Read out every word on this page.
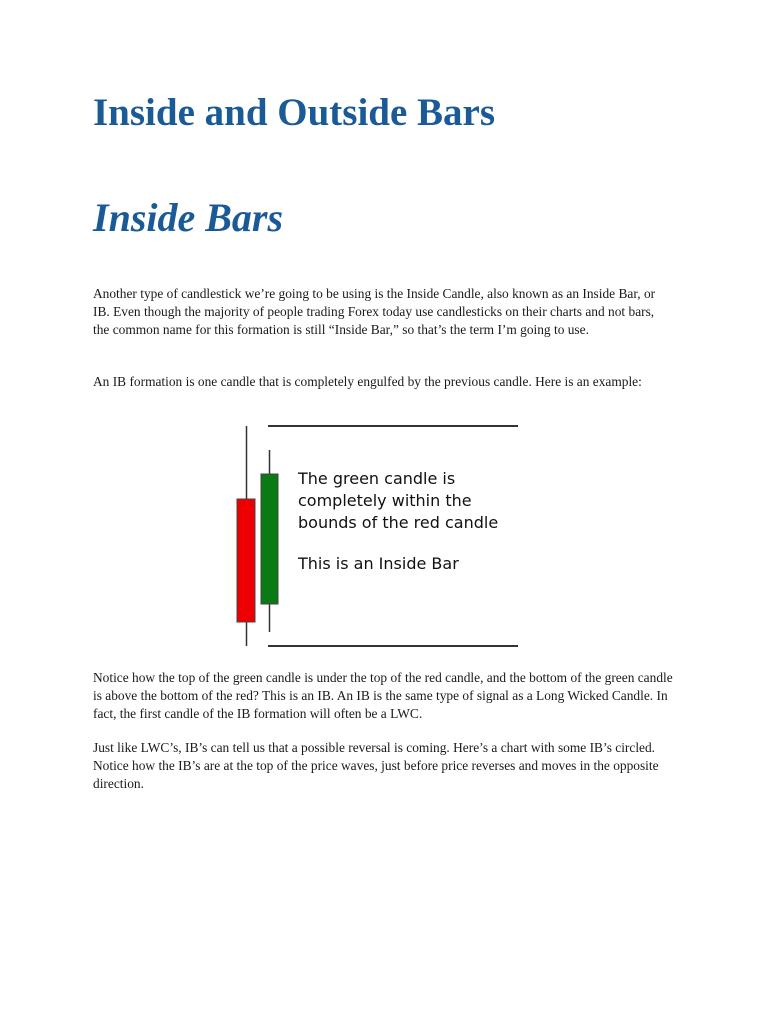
Inside and Outside Bars
Inside Bars

Another type of candlestick we’re going to be using is the Inside Candle, also known as an Inside Bar, or IB. Even though the majority of people trading Forex today use candlesticks on their charts and not bars, the common name for this formation is still “Inside Bar,” so that’s the term I’m going to use.

An IB formation is one candle that is completely engulfed by the previous candle. Here is an example:

The green candle is
completely within the
bounds of the red candle
This is an Inside Bar

Notice how the top of the green candle is under the top of the red candle, and the bottom of the green candle is above the bottom of the red? This is an IB. An IB is the same type of signal as a Long Wicked Candle. In fact, the first candle of the IB formation will often be a LWC.

Just like LWC’s, IB’s can tell us that a possible reversal is coming. Here’s a chart with some IB’s circled. Notice how the IB’s are at the top of the price waves, just before price reverses and moves in the opposite direction.
